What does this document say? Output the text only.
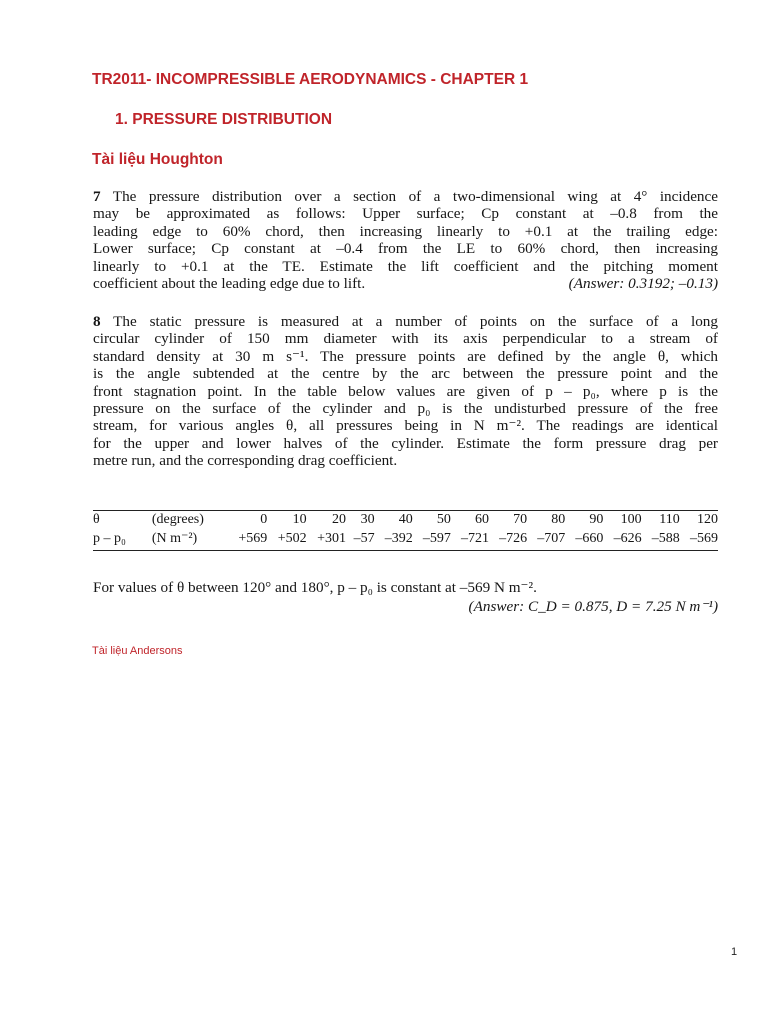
TR2011- INCOMPRESSIBLE AERODYNAMICS - CHAPTER 1
1. PRESSURE DISTRIBUTION
Tài liệu Houghton
7 The pressure distribution over a section of a two-dimensional wing at 4° incidence
may be approximated as follows: Upper surface; Cp constant at –0.8 from the
leading edge to 60% chord, then increasing linearly to +0.1 at the trailing edge:
Lower surface; Cp constant at –0.4 from the LE to 60% chord, then increasing
linearly to +0.1 at the TE. Estimate the lift coefficient and the pitching moment
coefficient about the leading edge due to lift.	(Answer: 0.3192; –0.13)
8 The static pressure is measured at a number of points on the surface of a long
circular cylinder of 150 mm diameter with its axis perpendicular to a stream of
standard density at 30 m s⁻¹. The pressure points are defined by the angle θ, which
is the angle subtended at the centre by the arc between the pressure point and the
front stagnation point. In the table below values are given of p – p₀, where p is the
pressure on the surface of the cylinder and p₀ is the undisturbed pressure of the free
stream, for various angles θ, all pressures being in N m⁻². The readings are identical
for the upper and lower halves of the cylinder. Estimate the form pressure drag per
metre run, and the corresponding drag coefficient.
θ	(degrees)	0	10	20	30	40	50	60	70	80	90	100	110	120
p – p₀	(N m⁻²)	+569	+502	+301	–57	–392	–597	–721	–726	–707	–660	–626	–588	–569
For values of θ between 120° and 180°, p – p₀ is constant at –569 N m⁻².
(Answer: C_D = 0.875, D = 7.25 N m⁻¹)
Tài liệu Andersons
1
